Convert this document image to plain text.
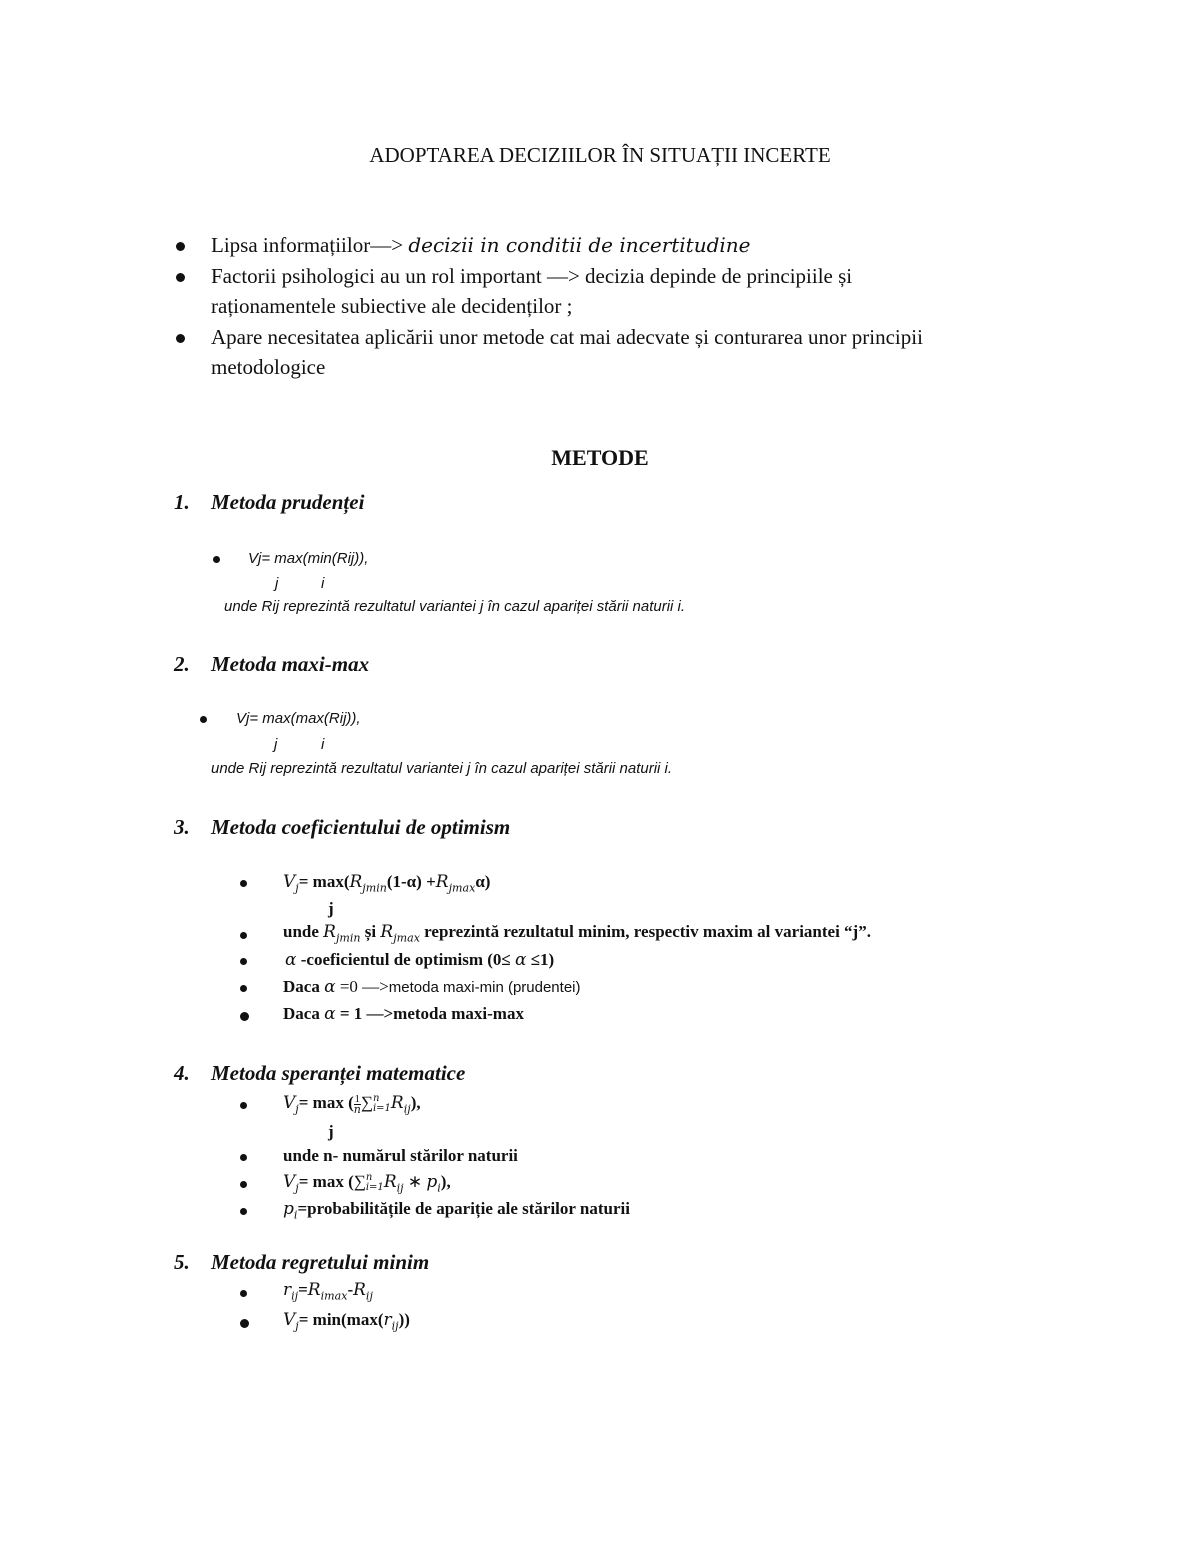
ADOPTAREA DECIZIILOR ÎN SITUAȚII INCERTE
Lipsa informațiilor—> decizii in conditii de incertitudine
Factorii psihologici au un rol important —> decizia depinde de principiile și
raționamentele subiective ale decidenților ;
Apare necesitatea aplicării unor metode cat mai adecvate și conturarea unor principii
metodologice
METODE
1. Metoda prudenței
Vj= max(min(Rij)),
j	i
unde Rij reprezintă rezultatul variantei j în cazul apariței stării naturii i.
2. Metoda maxi-max
Vj= max(max(Rij)),
j	i
unde Rij reprezintă rezultatul variantei j în cazul apariței stării naturii i.
3. Metoda coeficientului de optimism
$V_j= \max(R_{jmin}(1-\alpha) +R_{jmax}\alpha)$
j
unde $R_{jmin}$ și $R_{jmax}$ reprezintă rezultatul minim, respectiv maxim al variantei “j”.
α -coeficientul de optimism (0≤ α ≤1)
Daca α =0 —>metoda maxi-min (prudentei)
Daca α = 1 —>metoda maxi-max
4. Metoda speranței matematice
$V_j= \max$ ( $\frac{1}{n}$ ∑ n
i=1 $R_{ij}$),
j
unde n- numărul stărilor naturii
$V_j= \max$ (∑ n
i=1 $R_{ij}$ ∗ $p_i$),
$p_i=probabilitățile$ de apariție ale stărilor naturii
5. Metoda regretului minim
$r_{ij}=R_{imax}-R_{ij}$
$V_j= \min(\max(r_{ij}))$
